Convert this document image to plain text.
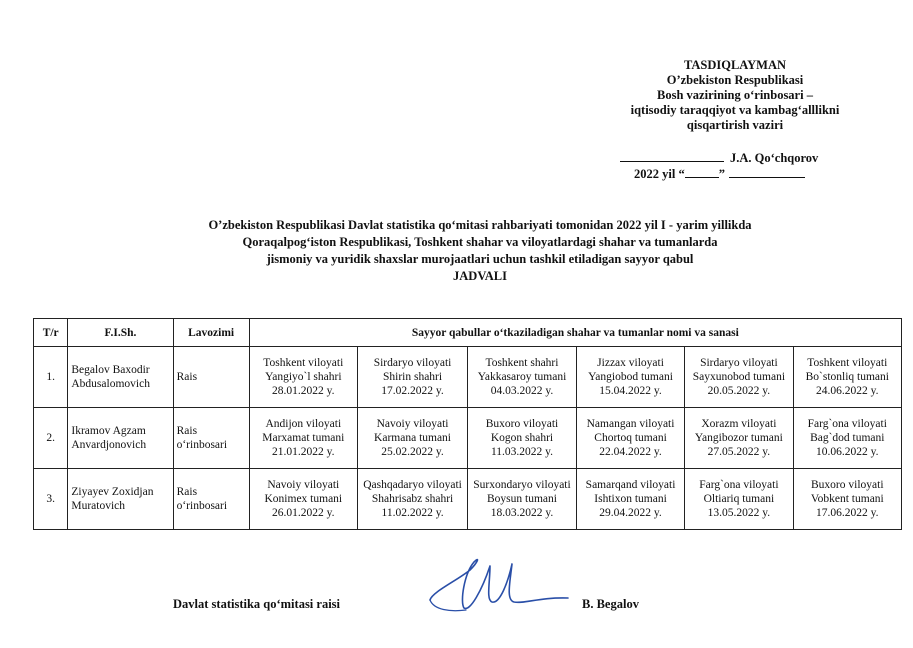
TASDIQLAYMAN
O’zbekiston Respublikasi
Bosh vazirining o‘rinbosari –
iqtisodiy taraqqiyot va kambag‘alllikni
qisqartirish vaziri
J.A. Qo‘chqorov
2022 yil “	”
O’zbekiston Respublikasi Davlat statistika qo‘mitasi rahbariyati tomonidan 2022 yil I - yarim yillikda
Qoraqalpog‘iston Respublikasi, Toshkent shahar va viloyatlardagi shahar va tumanlarda
jismoniy va yuridik shaxslar murojaatlari uchun tashkil etiladigan sayyor qabul
JADVALI
T/r	F.I.Sh.	Lavozimi	Sayyor qabullar o‘tkaziladigan shahar va tumanlar nomi va sanasi					
1.	Begalov Baxodir Abdusalomovich	Rais	Toshkent viloyati
Yangiyo`l shahri
28.01.2022 y.	Sirdaryo viloyati
Shirin shahri
17.02.2022 y.	Toshkent shahri
Yakkasaroy tumani
04.03.2022 y.	Jizzax viloyati
Yangiobod tumani
15.04.2022 y.	Sirdaryo viloyati
Sayxunobod tumani
20.05.2022 y.	Toshkent viloyati
Bo`stonliq tumani
24.06.2022 y.

2.	Ikramov Agzam Anvardjonovich	Rais o‘rinbosari	Andijon viloyati
Marxamat tumani
21.01.2022 y.	Navoiy viloyati
Karmana tumani
25.02.2022 y.	Buxoro viloyati
Kogon shahri
11.03.2022 y.	Namangan viloyati
Chortoq tumani
22.04.2022 y.	Xorazm viloyati
Yangibozor tumani
27.05.2022 y.	Farg`ona viloyati
Bag`dod tumani
10.06.2022 y.

3.	Ziyayev Zoxidjan Muratovich	Rais o‘rinbosari	Navoiy viloyati
Konimex tumani
26.01.2022 y.	Qashqadaryo viloyati
Shahrisabz shahri
11.02.2022 y.	Surxondaryo viloyati
Boysun tumani
18.03.2022 y.	Samarqand viloyati
Ishtixon tumani
29.04.2022 y.	Farg`ona viloyati
Oltiariq tumani
13.05.2022 y.	Buxoro viloyati
Vobkent tumani
17.06.2022 y.
Davlat statistika qo‘mitasi raisi	B. Begalov
